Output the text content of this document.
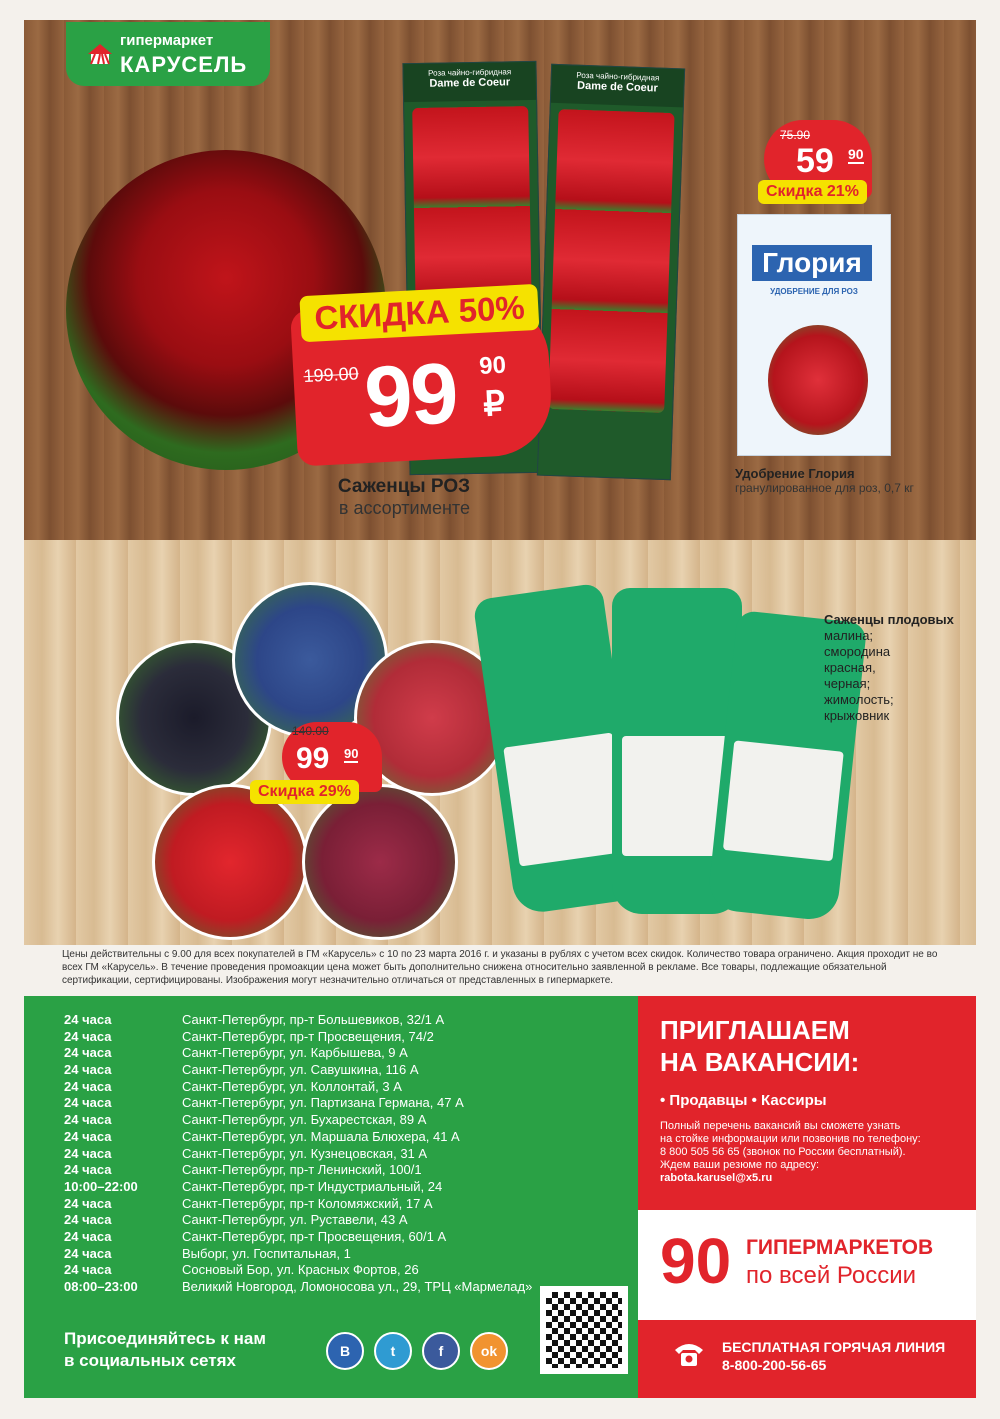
гипермаркет
КАРУСЕЛЬ	Роза чайно-гибридная
Dame de Coeur	Роза чайно-гибридная
Dame de Coeur
СКИДКА 50%
199.00 99 90
₽
Саженцы РОЗ
в ассортименте
75.90
59 90
Скидка 21%
Глория
УДОБРЕНИЕ ДЛЯ РОЗ
Удобрение Глория
гранулированное для роз, 0,7 кг
140.00
99 90
Скидка 29%
Саженцы плодовых
малина;
смородина
красная,
черная;
жимолость;
крыжовник
Цены действительны с 9.00 для всех покупателей в ГМ «Карусель» с 10 по 23 марта 2016 г. и указаны в рублях с учетом всех скидок. Количество товара ограничено. Акция проходит не во всех ГМ «Карусель». В течение проведения промоакции цена может быть дополнительно снижена относительно заявленной в рекламе. Все товары, подлежащие обязательной сертификации, сертифицированы. Изображения могут незначительно отличаться от представленных в гипермаркете.
24 часа	Санкт-Петербург, пр-т Большевиков, 32/1 А
24 часа	Санкт-Петербург, пр-т Просвещения, 74/2
24 часа	Санкт-Петербург, ул. Карбышева, 9 А
24 часа	Санкт-Петербург, ул. Савушкина, 116 А
24 часа	Санкт-Петербург, ул. Коллонтай, 3 А
24 часа	Санкт-Петербург, ул. Партизана Германа, 47 А
24 часа	Санкт-Петербург, ул. Бухарестская, 89 А
24 часа	Санкт-Петербург, ул. Маршала Блюхера, 41 А
24 часа	Санкт-Петербург, ул. Кузнецовская, 31 А
24 часа	Санкт-Петербург, пр-т Ленинский, 100/1
10:00–22:00	Санкт-Петербург, пр-т Индустриальный, 24
24 часа	Санкт-Петербург, пр-т Коломяжский, 17 А
24 часа	Санкт-Петербург, ул. Руставели, 43 А
24 часа	Санкт-Петербург, пр-т Просвещения, 60/1 А
24 часа	Выборг, ул. Госпитальная, 1
24 часа	Сосновый Бор, ул. Красных Фортов, 26
08:00–23:00	Великий Новгород, Ломоносова ул., 29, ТРЦ «Мармелад»
Присоединяйтесь к нам
в социальных сетях	B	t	f	ok
ПРИГЛАШАЕМ
НА ВАКАНСИИ:
• Продавцы • Кассиры
Полный перечень вакансий вы сможете узнать
на стойке информации или позвонив по телефону:
8 800 505 56 65 (звонок по России бесплатный).
Ждем ваши резюме по адресу:
rabota.karusel@x5.ru
90 ГИПЕРМАРКЕТОВ
по всей России
БЕСПЛАТНАЯ ГОРЯЧАЯ ЛИНИЯ
8-800-200-56-65
